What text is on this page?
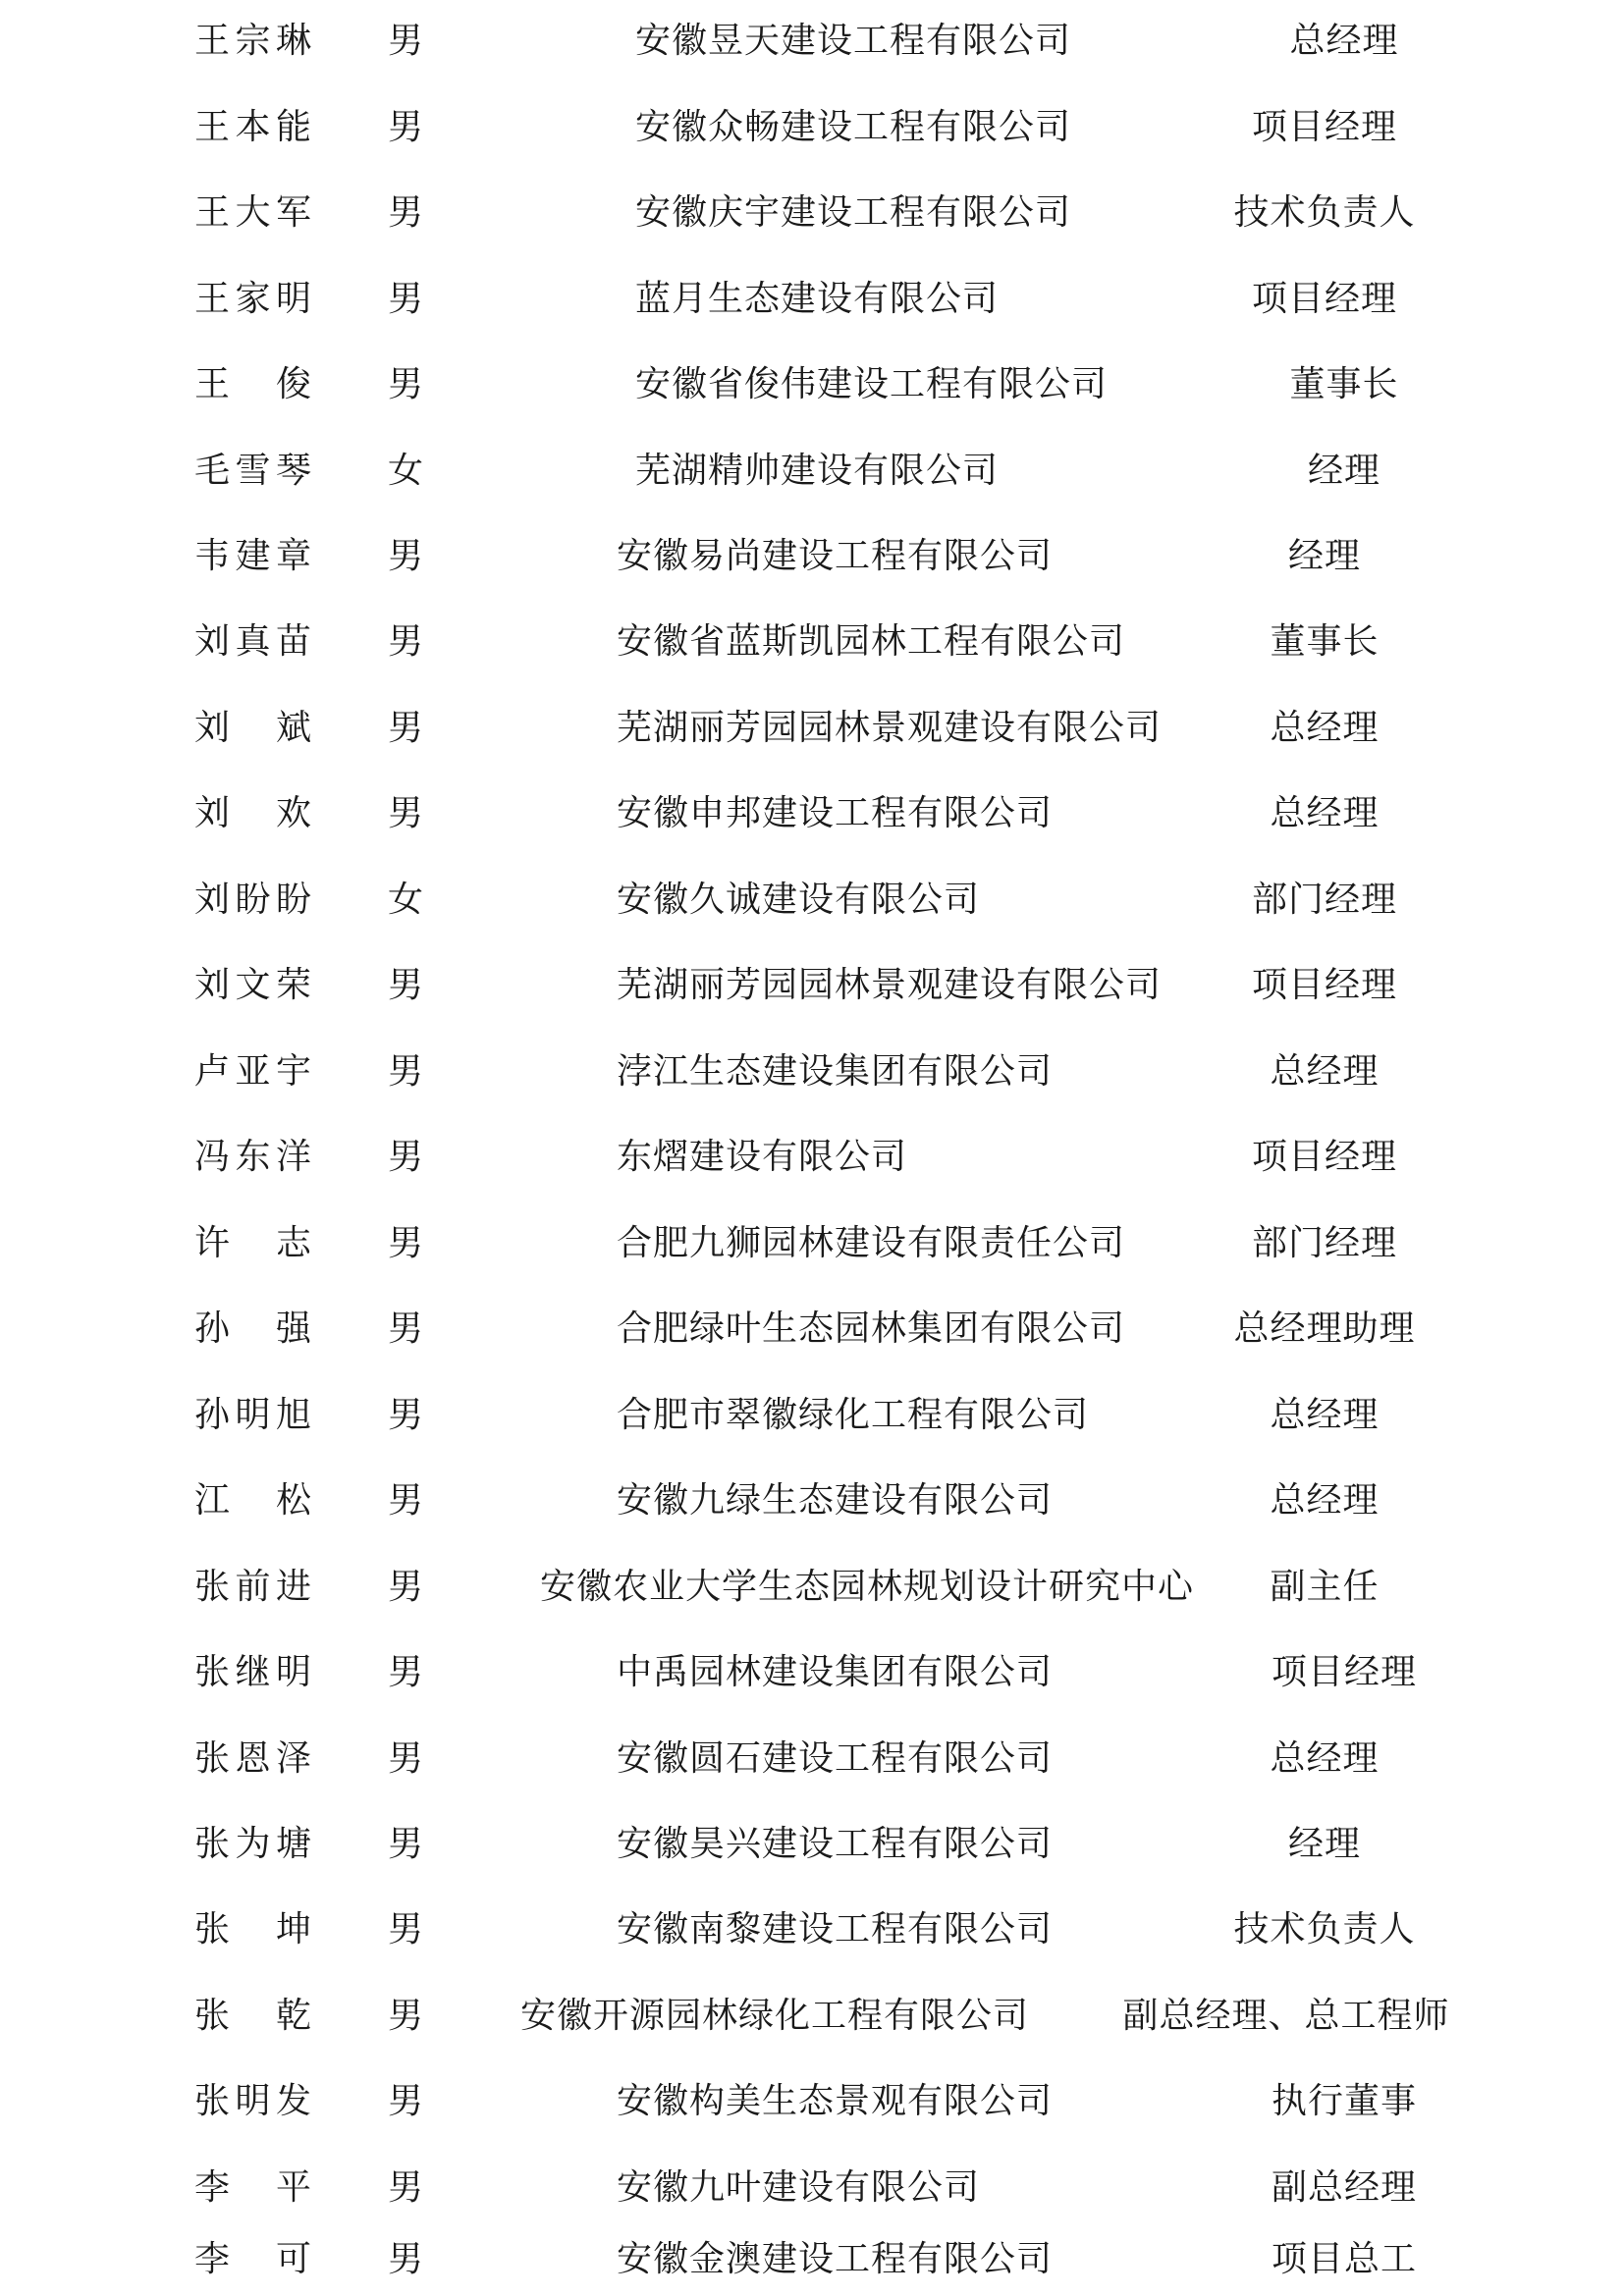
王宗琳 男	安徽昱天建设工程有限公司	总经理
王本能 男	安徽众畅建设工程有限公司	项目经理
王大军 男	安徽庆宇建设工程有限公司	技术负责人
王家明 男	蓝月生态建设有限公司	项目经理
王俊 男	安徽省俊伟建设工程有限公司	董事长
毛雪琴 女	芜湖精帅建设有限公司	经理
韦建章 男	安徽易尚建设工程有限公司	经理
刘真苗 男	安徽省蓝斯凯园林工程有限公司	董事长
刘斌 男	芜湖丽芳园园林景观建设有限公司	总经理
刘欢 男	安徽申邦建设工程有限公司	总经理
刘盼盼 女	安徽久诚建设有限公司	部门经理
刘文荣 男	芜湖丽芳园园林景观建设有限公司	项目经理
卢亚宇 男	浡江生态建设集团有限公司	总经理
冯东洋 男	东熠建设有限公司	项目经理
许志 男	合肥九狮园林建设有限责任公司	部门经理
孙强 男	合肥绿叶生态园林集团有限公司	总经理助理
孙明旭 男	合肥市翠徽绿化工程有限公司	总经理
江松 男	安徽九绿生态建设有限公司	总经理
张前进 男	安徽农业大学生态园林规划设计研究中心	副主任
张继明 男	中禹园林建设集团有限公司	项目经理
张恩泽 男	安徽圆石建设工程有限公司	总经理
张为塘 男	安徽昊兴建设工程有限公司	经理
张坤 男	安徽南黎建设工程有限公司	技术负责人
张乾 男	安徽开源园林绿化工程有限公司	副总经理、总工程师
张明发 男	安徽构美生态景观有限公司	执行董事
李平 男	安徽九叶建设有限公司	副总经理
李可 男	安徽金澳建设工程有限公司	项目总工
